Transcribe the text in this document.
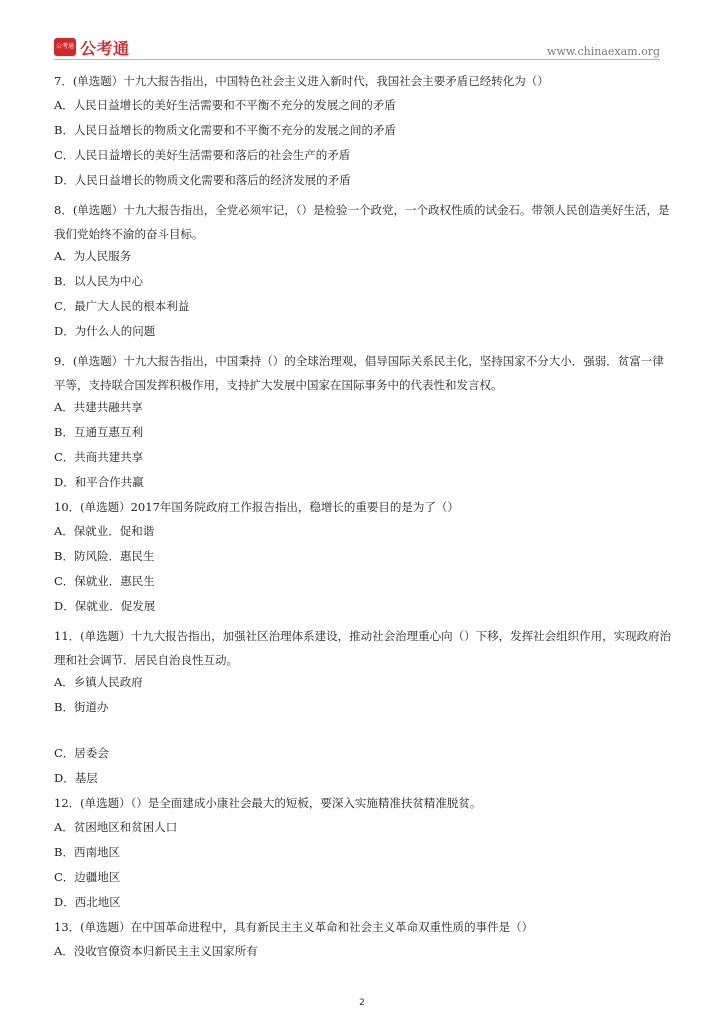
公考通 公考通	www.chinaexam.org
7．(单选题）十九大报告指出，中国特色社会主义进入新时代，我国社会主要矛盾已经转化为（）
A．人民日益增长的美好生活需要和不平衡不充分的发展之间的矛盾
B．人民日益增长的物质文化需要和不平衡不充分的发展之间的矛盾
C．人民日益增长的美好生活需要和落后的社会生产的矛盾
D．人民日益增长的物质文化需要和落后的经济发展的矛盾
8．(单选题）十九大报告指出，全党必须牢记，（）是检验一个政党，一个政权性质的试金石。带领人民创造美好生活，是我们党始终不渝的奋斗目标。
A．为人民服务
B．以人民为中心
C．最广大人民的根本利益
D．为什么人的问题
9．(单选题）十九大报告指出，中国秉持（）的全球治理观，倡导国际关系民主化，坚持国家不分大小．强弱．贫富一律平等，支持联合国发挥积极作用，支持扩大发展中国家在国际事务中的代表性和发言权。
A．共建共融共享
B．互通互惠互利
C．共商共建共享
D．和平合作共赢
10．(单选题）2017年国务院政府工作报告指出，稳增长的重要目的是为了（）
A．保就业．促和谐
B．防风险．惠民生
C．保就业．惠民生
D．保就业．促发展
11．(单选题）十九大报告指出，加强社区治理体系建设，推动社会治理重心向（）下移，发挥社会组织作用，实现政府治理和社会调节．居民自治良性互动。
A．乡镇人民政府
B．街道办
C．居委会
D．基层
12．(单选题）（）是全面建成小康社会最大的短板，要深入实施精准扶贫精准脱贫。
A．贫困地区和贫困人口
B．西南地区
C．边疆地区
D．西北地区
13．(单选题）在中国革命进程中，具有新民主主义革命和社会主义革命双重性质的事件是（）
A．没收官僚资本归新民主主义国家所有
2
